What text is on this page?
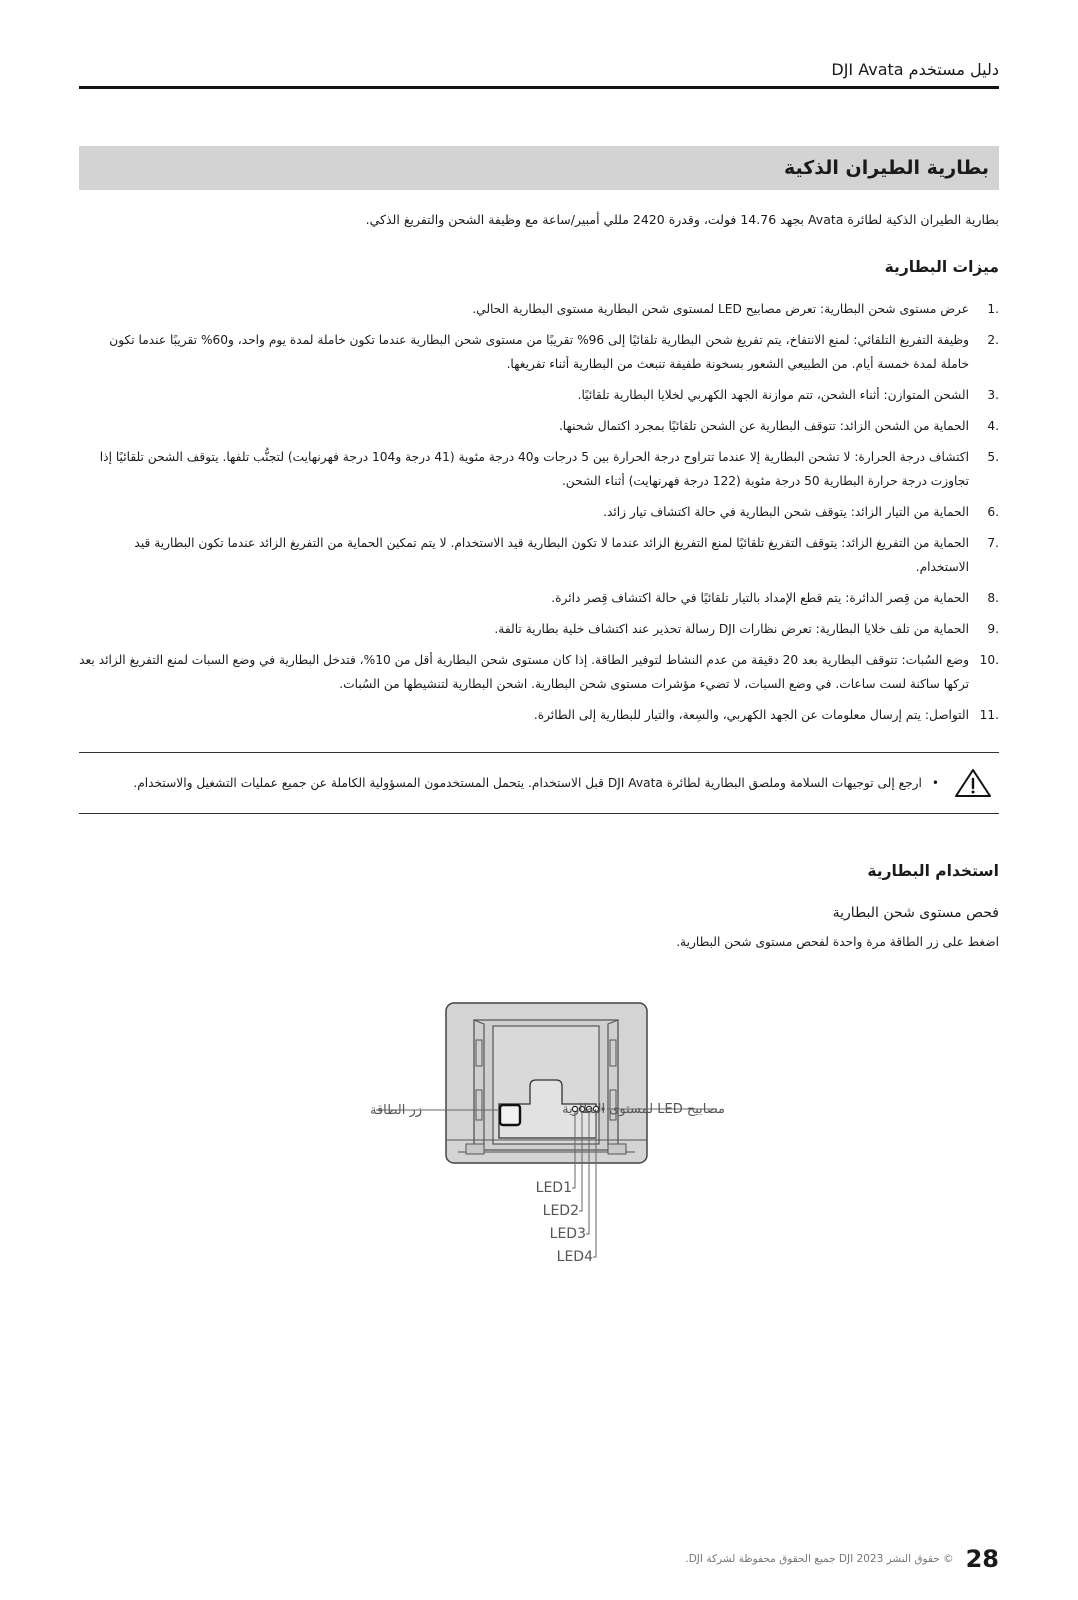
دليل مستخدم DJI Avata
بطارية الطيران الذكية

بطارية الطيران الذكية لطائرة Avata بجهد 14.76 فولت، وقدرة 2420 مللي أمبير/ساعة مع وظيفة الشحن والتفريغ الذكي.

ميزات البطارية
1.
عرض مستوى شحن البطارية: تعرض مصابيح LED لمستوى شحن البطارية مستوى البطارية الحالي.
2.
وظيفة التفريغ التلقائي: لمنع الانتفاخ، يتم تفريغ شحن البطارية تلقائيًا إلى 96% تقريبًا من مستوى شحن البطارية عندما تكون خاملة لمدة يوم واحد، و60% تقريبًا عندما تكون خاملة لمدة خمسة أيام. من الطبيعي الشعور بسخونة طفيفة تنبعث من البطارية أثناء تفريغها.
3.
الشحن المتوازن: أثناء الشحن، تتم موازنة الجهد الكهربي لخلايا البطارية تلقائيًا.
4.
الحماية من الشحن الزائد: تتوقف البطارية عن الشحن تلقائيًا بمجرد اكتمال شحنها.
5.
اكتشاف درجة الحرارة: لا تشحن البطارية إلا عندما تتراوح درجة الحرارة بين 5 درجات و40 درجة مئوية (41 درجة و104 درجة فهرنهايت) لتجنُّب تلفها. يتوقف الشحن تلقائيًا إذا تجاوزت درجة حرارة البطارية 50 درجة مئوية (122 درجة فهرنهايت) أثناء الشحن.
6.
الحماية من التيار الزائد: يتوقف شحن البطارية في حالة اكتشاف تيار زائد.
7.
الحماية من التفريغ الزائد: يتوقف التفريغ تلقائيًا لمنع التفريغ الزائد عندما لا تكون البطارية قيد الاستخدام. لا يتم تمكين الحماية من التفريغ الزائد عندما تكون البطارية قيد الاستخدام.
8.
الحماية من قِصر الدائرة: يتم قطع الإمداد بالتيار تلقائيًا في حالة اكتشاف قِصر دائرة.
9.
الحماية من تلف خلايا البطارية: تعرض نظارات DJI رسالة تحذير عند اكتشاف خلية بطارية تالفة.
10.
وضع السُبات: تتوقف البطارية بعد 20 دقيقة من عدم النشاط لتوفير الطاقة. إذا كان مستوى شحن البطارية أقل من 10%، فتدخل البطارية في وضع السبات لمنع التفريغ الزائد بعد تركها ساكنة لست ساعات. في وضع السبات، لا تضيء مؤشرات مستوى شحن البطارية. اشحن البطارية لتنشيطها من السُبات.
11.
التواصل: يتم إرسال معلومات عن الجهد الكهربي، والسِعة، والتيار للبطارية إلى الطائرة.
•
ارجع إلى توجيهات السلامة وملصق البطارية لطائرة DJI Avata قبل الاستخدام. يتحمل المستخدمون المسؤولية الكاملة عن جميع عمليات التشغيل والاستخدام.
استخدام البطارية
فحص مستوى شحن البطارية

اضغط على زر الطاقة مرة واحدة لفحص مستوى شحن البطارية.

زر الطاقة	مصابيح LED لمستوى البطارية
LED1
LED2
LED3
LED4
28
© حقوق النشر DJI 2023 جميع الحقوق محفوظة لشركة DJI.
